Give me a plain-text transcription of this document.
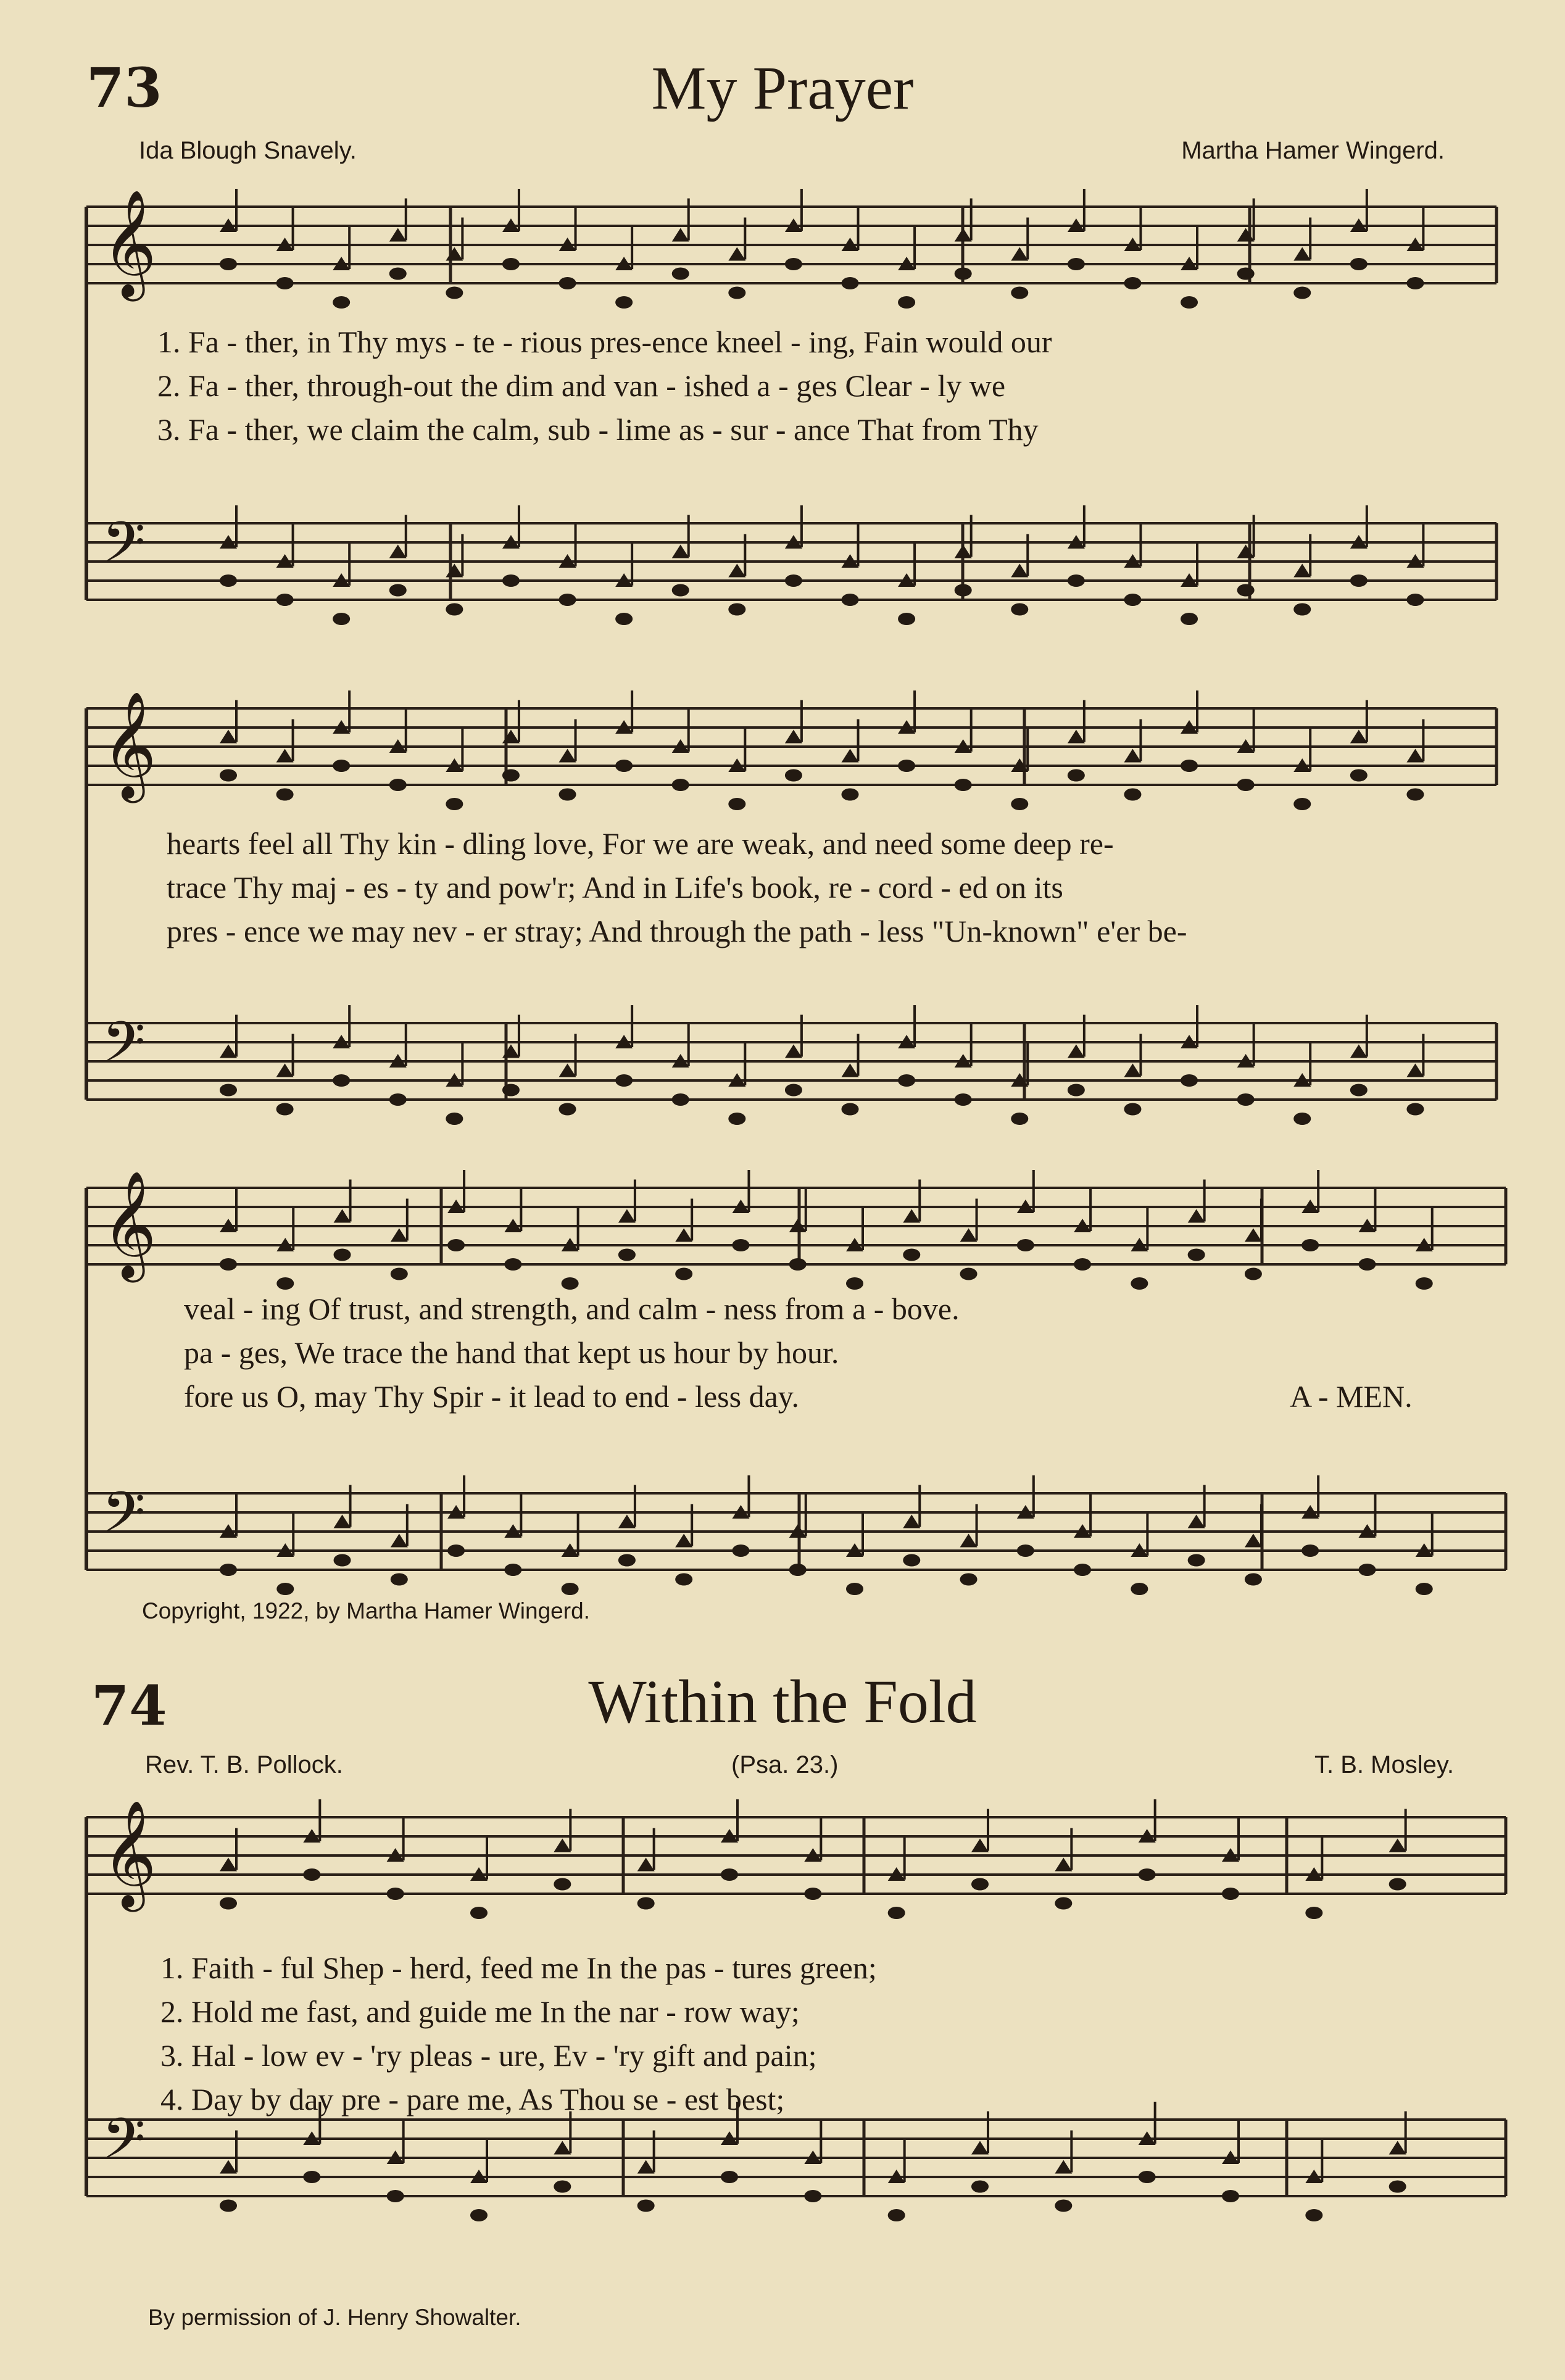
73	My Prayer
Ida Blough Snavely.	Martha Hamer Wingerd.
1. Fa - ther, in Thy mys - te - rious pres-ence kneel - ing, Fain would our
2. Fa - ther, through-out the dim and van - ished a - ges Clear - ly we
3. Fa - ther, we claim the calm, sub - lime as - sur - ance That from Thy
hearts feel all Thy kin - dling love, For we are weak, and need some deep re-
trace Thy maj - es - ty and pow'r; And in Life's book, re - cord - ed on its
pres - ence we may nev - er stray; And through the path - less "Un-known" e'er be-
veal - ing Of trust, and strength, and calm - ness from a - bove.
pa - ges, We trace the hand that kept us hour by hour.
fore us O, may Thy Spir - it lead to end - less day.	A - MEN.
Copyright, 1922, by Martha Hamer Wingerd.
74	Within the Fold
Rev. T. B. Pollock.	(Psa. 23.)	T. B. Mosley.
1. Faith - ful Shep - herd, feed me In the pas - tures green;
2. Hold me fast, and guide me In the nar - row way;
3. Hal - low ev - 'ry pleas - ure, Ev - 'ry gift and pain;
4. Day by day pre - pare me, As Thou se - est best;
By permission of J. Henry Showalter.
𝄞
𝄢
𝄞
𝄢
𝄞
𝄢
𝄞
𝄢
